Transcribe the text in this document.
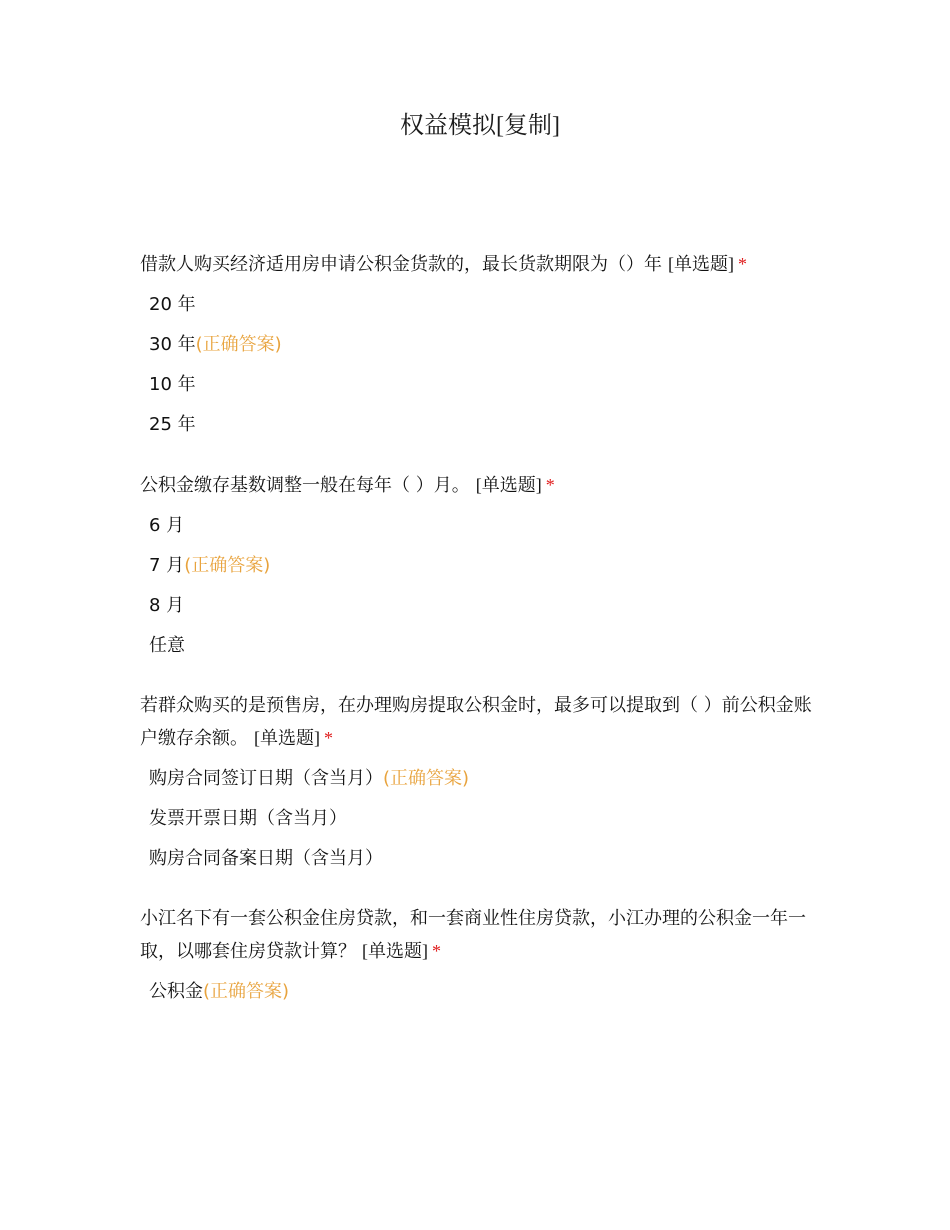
权益模拟[复制]
借款人购买经济适用房申请公积金货款的，最长货款期限为（）年 [单选题] *
20 年
30 年(正确答案)
10 年
25 年
公积金缴存基数调整一般在每年（ ）月。 [单选题] *
6 月
7 月(正确答案)
8 月
任意
若群众购买的是预售房，在办理购房提取公积金时，最多可以提取到（ ）前公积金账户缴存余额。 [单选题] *
购房合同签订日期（含当月）(正确答案)
发票开票日期（含当月）
购房合同备案日期（含当月）
小江名下有一套公积金住房贷款，和一套商业性住房贷款，小江办理的公积金一年一取，以哪套住房贷款计算？ [单选题] *
公积金(正确答案)
